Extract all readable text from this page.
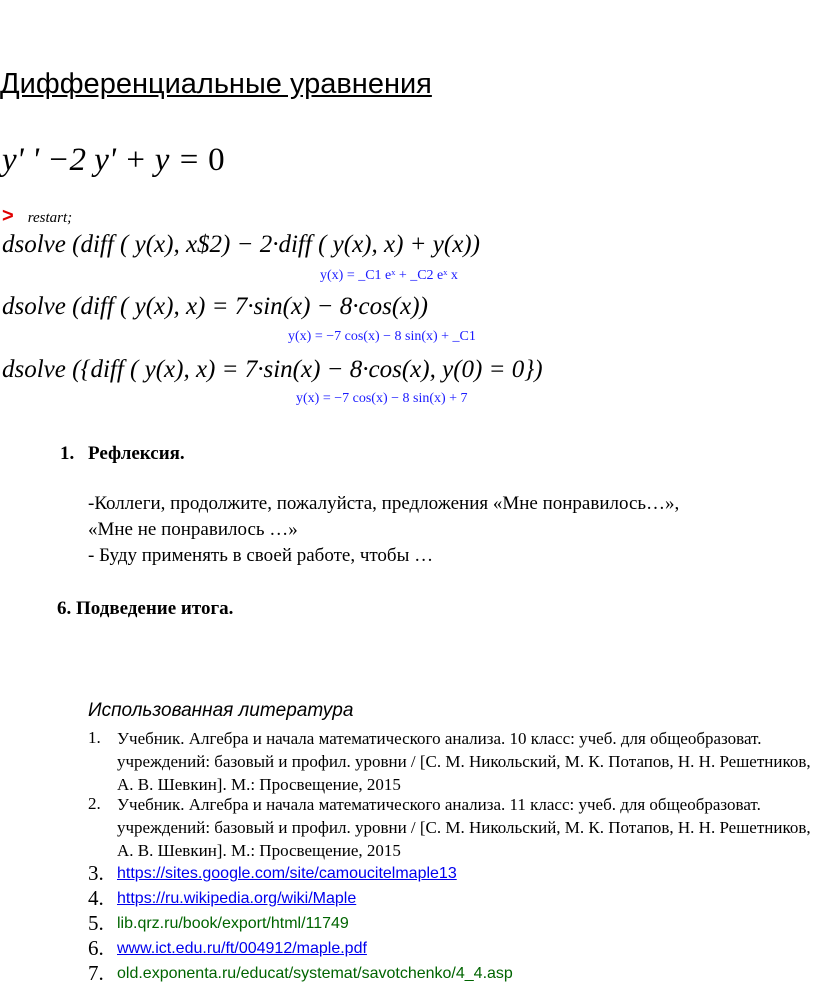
Дифференциальные уравнения
y' ' −2 y' + y = 0
> restart;
dsolve (diff ( y(x), x$2) − 2·diff ( y(x), x) + y(x))
y(x) = _C1 eˣ + _C2 eˣ x
dsolve (diff ( y(x), x) = 7·sin(x) − 8·cos(x))
y(x) = −7 cos(x) − 8 sin(x) + _C1
dsolve ({diff ( y(x), x) = 7·sin(x) − 8·cos(x), y(0) = 0})
y(x) = −7 cos(x) − 8 sin(x) + 7
1. Рефлексия.
-Коллеги, продолжите, пожалуйста, предложения «Мне понравилось…»,
«Мне не понравилось …»
- Буду применять в своей работе, чтобы …
6. Подведение итога.
Использованная литература
1. Учебник. Алгебра и начала математического анализа. 10 класс: учеб. для общеобразоват. учреждений: базовый и профил. уровни / [С. М. Никольский, М. К. Потапов, Н. Н. Решетников, А. В. Шевкин]. М.: Просвещение, 2015
2. Учебник. Алгебра и начала математического анализа. 11 класс: учеб. для общеобразоват. учреждений: базовый и профил. уровни / [С. М. Никольский, М. К. Потапов, Н. Н. Решетников, А. В. Шевкин]. М.: Просвещение, 2015
3. https://sites.google.com/site/camoucitelmaple13
4. https://ru.wikipedia.org/wiki/Maple
5. lib.qrz.ru/book/export/html/11749
6. www.ict.edu.ru/ft/004912/maple.pdf
7. old.exponenta.ru/educat/systemat/savotchenko/4_4.asp
